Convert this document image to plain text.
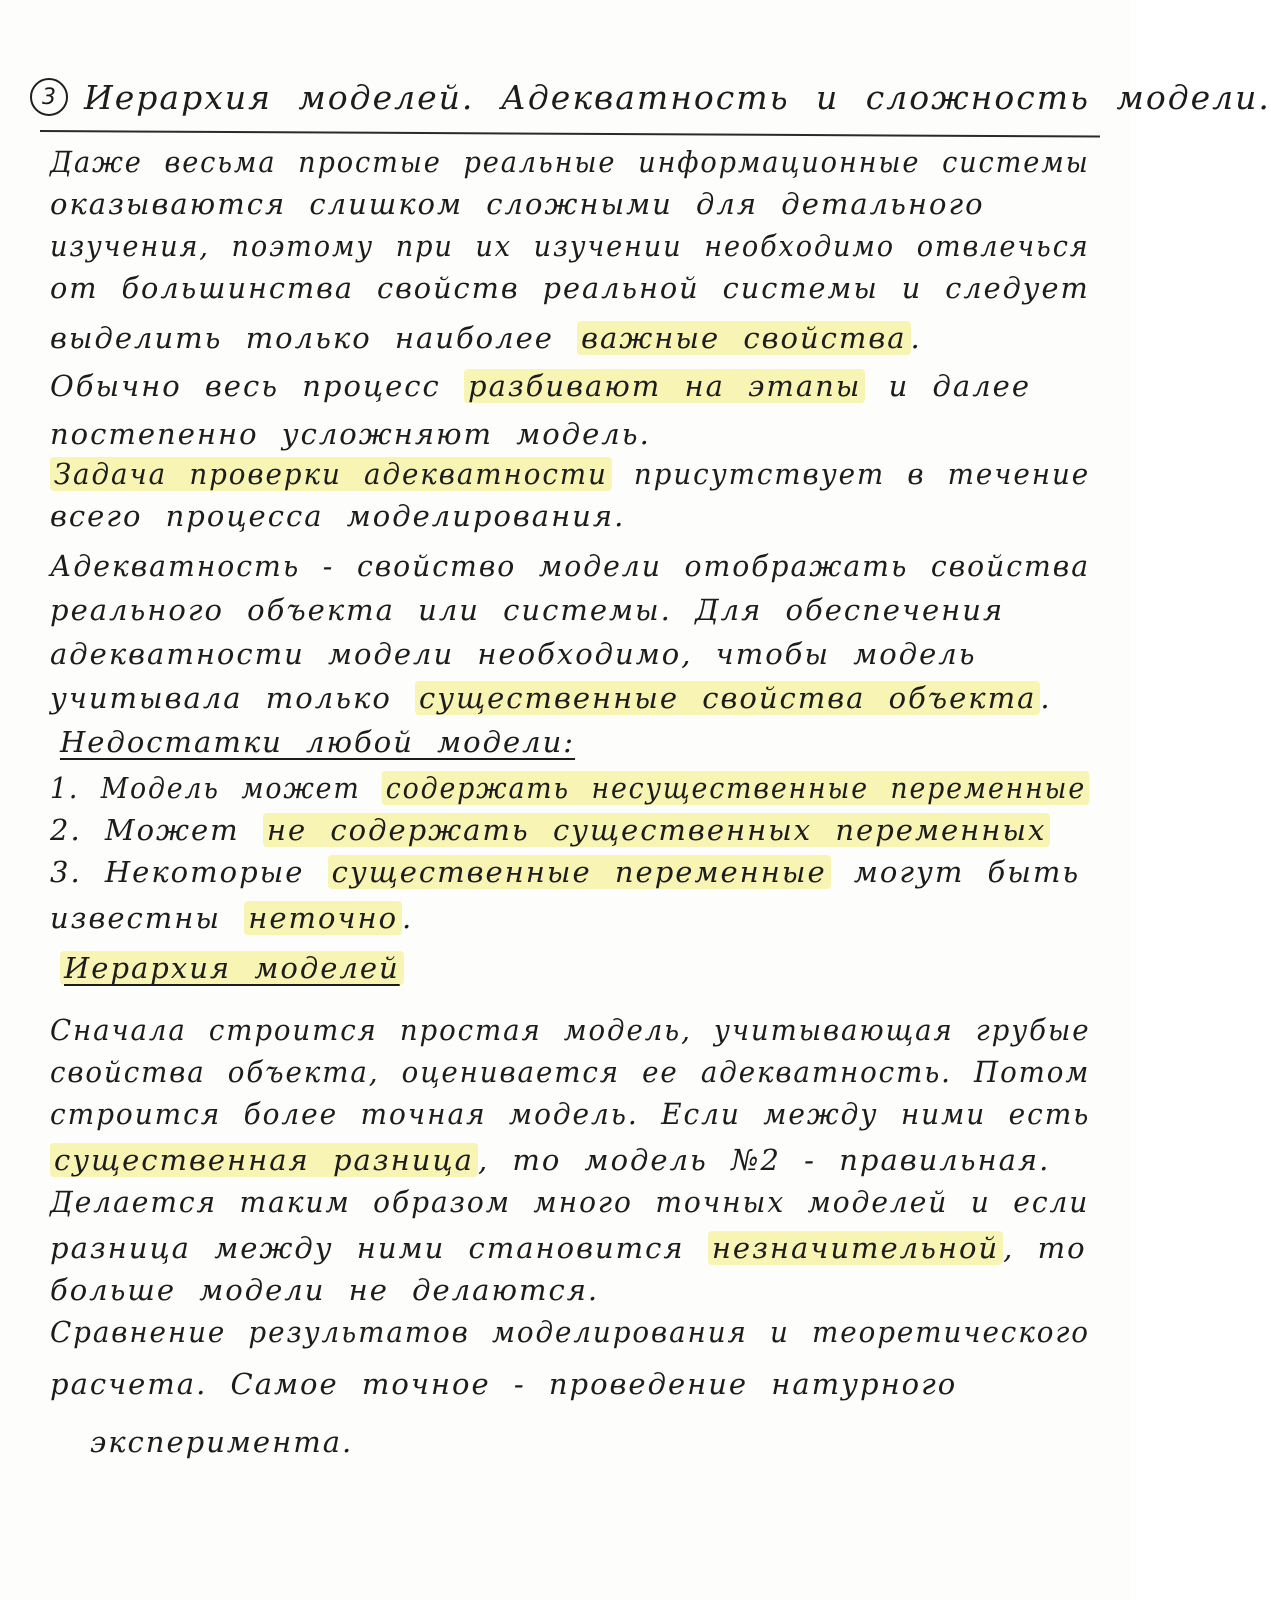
3 Иерархия моделей. Адекватность и сложность модели.
Даже весьма простые реальные информационные системы
оказываются слишком сложными для детального
изучения, поэтому при их изучении необходимо отвлечься
от большинства свойств реальной системы и следует
выделить только наиболее важные свойства .
Обычно весь процесс разбивают на этапы и далее
постепенно усложняют модель.
Задача проверки адекватности присутствует в течение
всего процесса моделирования.
Адекватность - свойство модели отображать свойства
реального объекта или системы. Для обеспечения
адекватности модели необходимо, чтобы модель
учитывала только существенные свойства объекта .
Недостатки любой модели:
1. Модель может содержать несущественные переменные
2. Может не содержать существенных переменных
3. Некоторые существенные переменные могут быть
известны неточно .
Иерархия моделей
Сначала строится простая модель, учитывающая грубые
свойства объекта, оценивается ее адекватность. Потом
строится более точная модель. Если между ними есть
существенная разница , то модель №2 - правильная.
Делается таким образом много точных моделей и если
разница между ними становится незначительной , то
больше модели не делаются.
Сравнение результатов моделирования и теоретического
расчета. Самое точное - проведение натурного
эксперимента.
